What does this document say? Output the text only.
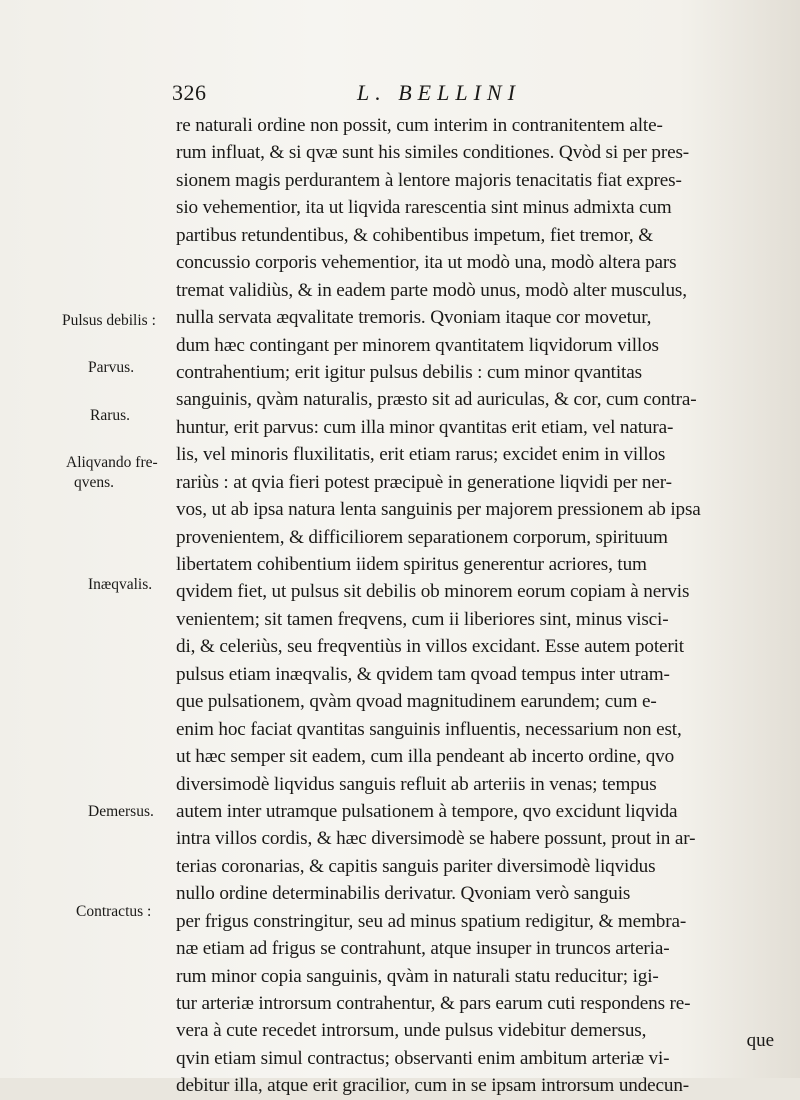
326	L. BELLINI
Pulsus debilis :
Parvus.
Rarus.
Aliqvando fre-
qvens.
Inæqvalis.
Demersus.
Contractus :
re naturali ordine non possit, cum interim in contranitentem alte-
rum influat, & si qvæ sunt his similes conditiones. Qvòd si per pres-
sionem magis perdurantem à lentore majoris tenacitatis fiat expres-
sio vehementior, ita ut liqvida rarescentia sint minus admixta cum
partibus retundentibus, & cohibentibus impetum, fiet tremor, &
concussio corporis vehementior, ita ut modò una, modò altera pars
tremat validiùs, & in eadem parte modò unus, modò alter musculus,
nulla servata æqvalitate tremoris. Qvoniam itaque cor movetur,
dum hæc contingant per minorem qvantitatem liqvidorum villos
contrahentium; erit igitur pulsus debilis : cum minor qvantitas
sanguinis, qvàm naturalis, præsto sit ad auriculas, & cor, cum contra-
huntur, erit parvus: cum illa minor qvantitas erit etiam, vel natura-
lis, vel minoris fluxilitatis, erit etiam rarus; excidet enim in villos
rariùs : at qvia fieri potest præcipuè in generatione liqvidi per ner-
vos, ut ab ipsa natura lenta sanguinis per majorem pressionem ab ipsa
provenientem, & difficiliorem separationem corporum, spirituum
libertatem cohibentium iidem spiritus generentur acriores, tum
qvidem fiet, ut pulsus sit debilis ob minorem eorum copiam à nervis
venientem; sit tamen freqvens, cum ii liberiores sint, minus visci-
di, & celeriùs, seu freqventiùs in villos excidant. Esse autem poterit
pulsus etiam inæqvalis, & qvidem tam qvoad tempus inter utram-
que pulsationem, qvàm qvoad magnitudinem earundem; cum e-
enim hoc faciat qvantitas sanguinis influentis, necessarium non est,
ut hæc semper sit eadem, cum illa pendeant ab incerto ordine, qvo
diversimodè liqvidus sanguis refluit ab arteriis in venas; tempus
autem inter utramque pulsationem à tempore, qvo excidunt liqvida
intra villos cordis, & hæc diversimodè se habere possunt, prout in ar-
terias coronarias, & capitis sanguis pariter diversimodè liqvidus
nullo ordine determinabilis derivatur. Qvoniam verò sanguis
per frigus constringitur, seu ad minus spatium redigitur, & membra-
næ etiam ad frigus se contrahunt, atque insuper in truncos arteria-
rum minor copia sanguinis, qvàm in naturali statu reducitur; igi-
tur arteriæ introrsum contrahentur, & pars earum cuti respondens re-
vera à cute recedet introrsum, unde pulsus videbitur demersus,
qvin etiam simul contractus; observanti enim ambitum arteriæ vi-
debitur illa, atque erit gracilior, cum in se ipsam introrsum undecun-
que
